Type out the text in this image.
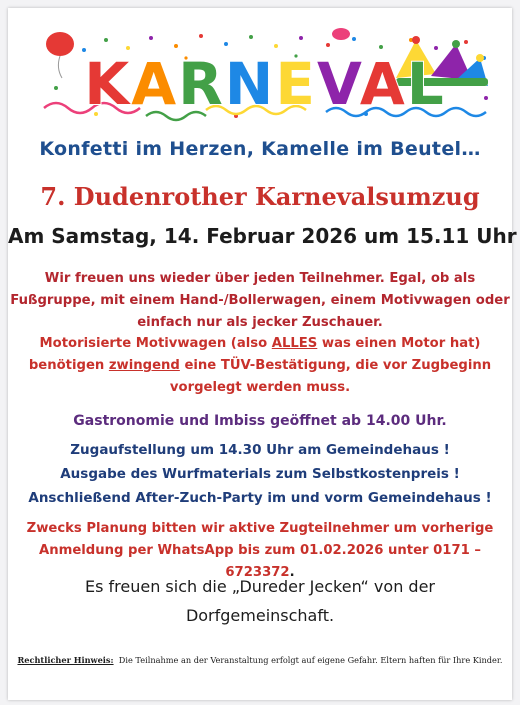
KARNEVAL
Konfetti im Herzen, Kamelle im Beutel…
7. Dudenrother Karnevalsumzug
Am Samstag, 14. Februar 2026 um 15.11 Uhr
Wir freuen uns wieder über jeden Teilnehmer. Egal, ob als
Fußgruppe, mit einem Hand-/Bollerwagen, einem Motivwagen oder
einfach nur als jecker Zuschauer.
Motorisierte Motivwagen (also ALLES was einen Motor hat)
benötigen zwingend eine TÜV-Bestätigung, die vor Zugbeginn
vorgelegt werden muss.
Gastronomie und Imbiss geöffnet ab 14.00 Uhr.
Zugaufstellung um 14.30 Uhr am Gemeindehaus !
Ausgabe des Wurfmaterials zum Selbstkostenpreis !
Anschließend After-Zuch-Party im und vorm Gemeindehaus !
Zwecks Planung bitten wir aktive Zugteilnehmer um vorherige
Anmeldung per WhatsApp bis zum 01.02.2026 unter 0171 – 6723372.
Es freuen sich die „Dureder Jecken“ von der
Dorfgemeinschaft.
Rechtlicher Hinweis: Die Teilnahme an der Veranstaltung erfolgt auf eigene Gefahr. Eltern haften für Ihre Kinder.
